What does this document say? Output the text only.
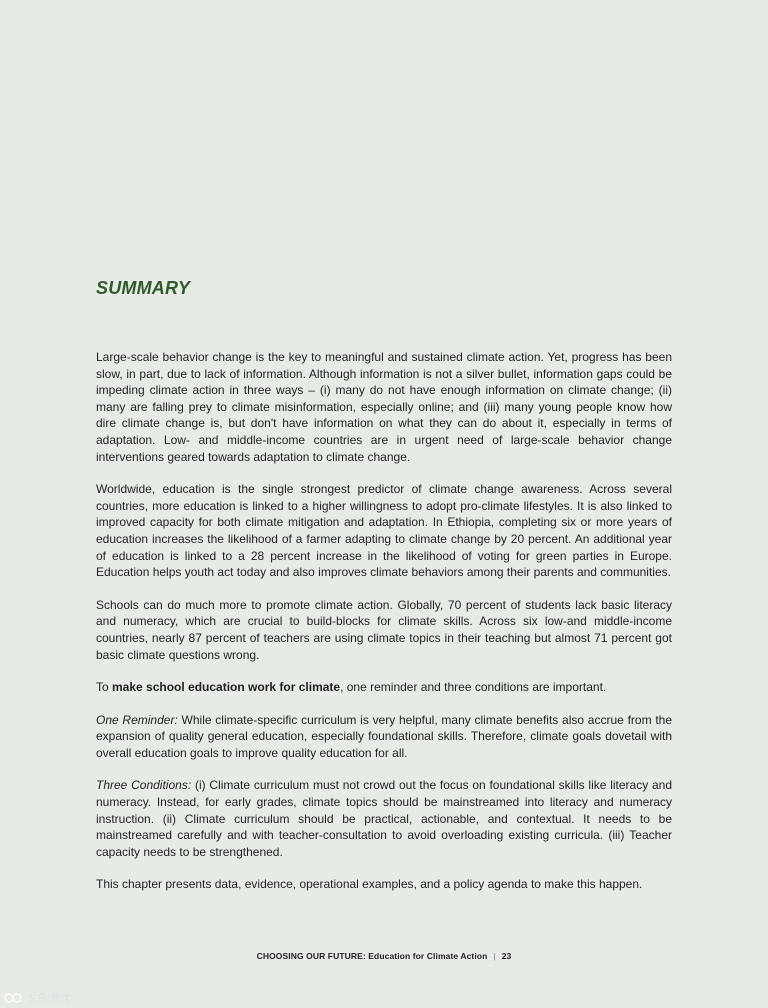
SUMMARY

Large-scale behavior change is the key to meaningful and sustained climate action. Yet, progress has been slow, in part, due to lack of information. Although information is not a silver bullet, information gaps could be impeding climate action in three ways – (i) many do not have enough information on climate change; (ii) many are falling prey to climate misinformation, especially online; and (iii) many young people know how dire climate change is, but don't have information on what they can do about it, especially in terms of adaptation. Low- and middle-income countries are in urgent need of large-scale behavior change interventions geared towards adaptation to climate change.

Worldwide, education is the single strongest predictor of climate change awareness. Across several countries, more education is linked to a higher willingness to adopt pro-climate lifestyles. It is also linked to improved capacity for both climate mitigation and adaptation. In Ethiopia, completing six or more years of education increases the likelihood of a farmer adapting to climate change by 20 percent. An additional year of education is linked to a 28 percent increase in the likelihood of voting for green parties in Europe. Education helps youth act today and also improves climate behaviors among their parents and communities.

Schools can do much more to promote climate action. Globally, 70 percent of students lack basic literacy and numeracy, which are crucial to build-blocks for climate skills. Across six low-and middle-income countries, nearly 87 percent of teachers are using climate topics in their teaching but almost 71 percent got basic climate questions wrong.

To make school education work for climate, one reminder and three conditions are important.

One Reminder: While climate-specific curriculum is very helpful, many climate benefits also accrue from the expansion of quality general education, especially foundational skills. Therefore, climate goals dovetail with overall education goals to improve quality education for all.

Three Conditions: (i) Climate curriculum must not crowd out the focus on foundational skills like literacy and numeracy. Instead, for early grades, climate topics should be mainstreamed into literacy and numeracy instruction. (ii) Climate curriculum should be practical, actionable, and contextual. It needs to be mainstreamed carefully and with teacher-consultation to avoid overloading existing curricula. (iii) Teacher capacity needs to be strengthened.

This chapter presents data, evidence, operational examples, and a policy agenda to make this happen.

CHOOSING OUR FUTURE: Education for Climate Action | 23
大数跨境
